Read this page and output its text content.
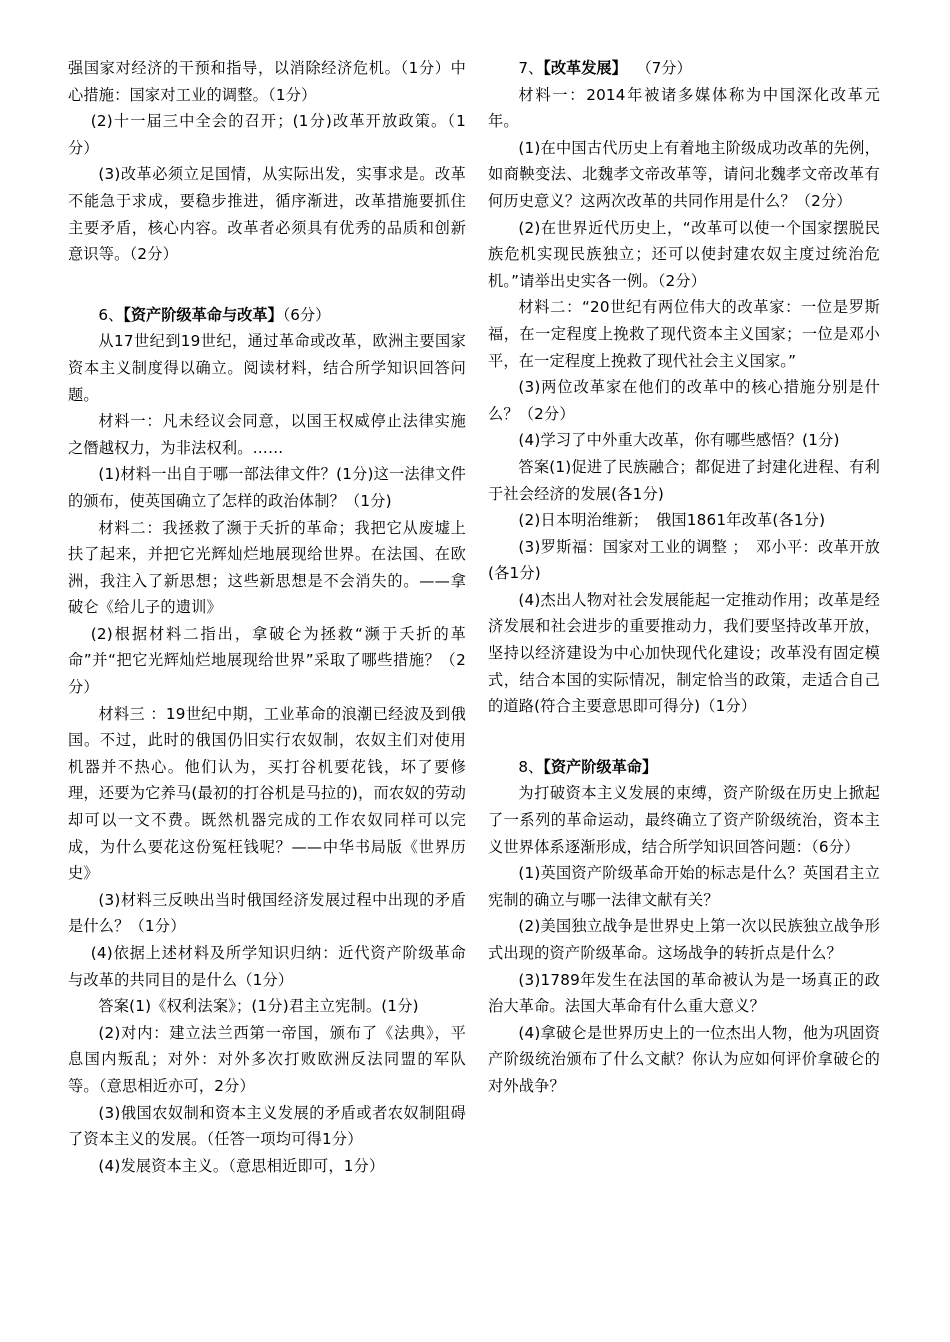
强国家对经济的干预和指导，以消除经济危机。（1分）中心措施：国家对工业的调整。（1分）

(2)十一届三中全会的召开；(1分)改革开放政策。（1分）

(3)改革必须立足国情，从实际出发，实事求是。改革不能急于求成，要稳步推进，循序渐进，改革措施要抓住主要矛盾，核心内容。改革者必须具有优秀的品质和创新意识等。（2分）

6、【资产阶级革命与改革】（6分）

从17世纪到19世纪，通过革命或改革，欧洲主要国家资本主义制度得以确立。阅读材料，结合所学知识回答问题。

材料一：凡未经议会同意，以国王权威停止法律实施之僭越权力，为非法权利。……

(1)材料一出自于哪一部法律文件？(1分)这一法律文件的颁布，使英国确立了怎样的政治体制？（1分)

材料二：我拯救了濒于夭折的革命；我把它从废墟上扶了起来，并把它光辉灿烂地展现给世界。在法国、在欧洲，我注入了新思想；这些新思想是不会消失的。——拿破仑《给儿子的遗训》

(2)根据材料二指出，拿破仑为拯救“濒于夭折的革命”并“把它光辉灿烂地展现给世界”采取了哪些措施？（2分）

材料三 ：19世纪中期，工业革命的浪潮已经波及到俄国。不过，此时的俄国仍旧实行农奴制，农奴主们对使用机器并不热心。他们认为，买打谷机要花钱，坏了要修理，还要为它养马(最初的打谷机是马拉的)，而农奴的劳动却可以一文不费。既然机器完成的工作农奴同样可以完成，为什么要花这份冤枉钱呢？——中华书局版《世界历史》

(3)材料三反映出当时俄国经济发展过程中出现的矛盾是什么？（1分）

(4)依据上述材料及所学知识归纳：近代资产阶级革命与改革的共同目的是什么（1分）

答案(1)《权利法案》；(1分)君主立宪制。(1分)

(2)对内：建立法兰西第一帝国，颁布了《法典》，平息国内叛乱；对外：对外多次打败欧洲反法同盟的军队等。（意思相近亦可，2分）

(3)俄国农奴制和资本主义发展的矛盾或者农奴制阻碍了资本主义的发展。（任答一项均可得1分）

(4)发展资本主义。（意思相近即可，1分）

7、【改革发展】 （7分）

材料一：2014年被诸多媒体称为中国深化改革元年。

(1)在中国古代历史上有着地主阶级成功改革的先例，如商鞅变法、北魏孝文帝改革等，请问北魏孝文帝改革有何历史意义？这两次改革的共同作用是什么？（2分）

(2)在世界近代历史上，“改革可以使一个国家摆脱民族危机实现民族独立；还可以使封建农奴主度过统治危机。”请举出史实各一例。（2分）

材料二：“20世纪有两位伟大的改革家：一位是罗斯福，在一定程度上挽救了现代资本主义国家；一位是邓小平，在一定程度上挽救了现代社会主义国家。”

(3)两位改革家在他们的改革中的核心措施分别是什么？（2分）

(4)学习了中外重大改革，你有哪些感悟？(1分)

答案(1)促进了民族融合；都促进了封建化进程、有利于社会经济的发展(各1分)

(2)日本明治维新；　俄国1861年改革(各1分)

(3)罗斯福：国家对工业的调整 ；　邓小平：改革开放(各1分)

(4)杰出人物对社会发展能起一定推动作用；改革是经济发展和社会进步的重要推动力，我们要坚持改革开放，坚持以经济建设为中心加快现代化建设；改革没有固定模式，结合本国的实际情况，制定恰当的政策，走适合自己的道路(符合主要意思即可得分)（1分）

8、【资产阶级革命】

为打破资本主义发展的束缚，资产阶级在历史上掀起了一系列的革命运动，最终确立了资产阶级统治，资本主义世界体系逐渐形成，结合所学知识回答问题：（6分）

(1)英国资产阶级革命开始的标志是什么？英国君主立宪制的确立与哪一法律文献有关？

(2)美国独立战争是世界史上第一次以民族独立战争形式出现的资产阶级革命。这场战争的转折点是什么？

(3)1789年发生在法国的革命被认为是一场真正的政治大革命。法国大革命有什么重大意义？

(4)拿破仑是世界历史上的一位杰出人物，他为巩固资产阶级统治颁布了什么文献？你认为应如何评价拿破仑的对外战争？
